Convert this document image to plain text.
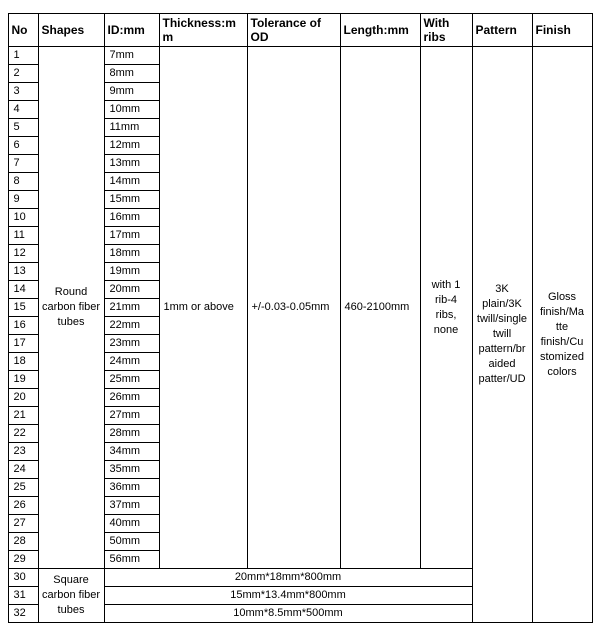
No	Shapes	ID:mm	Thickness:mm	Tolerance of OD	Length:mm	With ribs	Pattern	Finish
1	Round carbon fiber tubes	7mm	1mm or above	+/-0.03-0.05mm	460-2100mm	with 1 rib-4 ribs, none	3K plain/3K twill/single twill pattern/braided patter/UD	Gloss finish/Matte finish/Customized colors
2		8mm						
3		9mm						
4		10mm						
5		11mm						
6		12mm						
7		13mm						
8		14mm						
9		15mm						
10		16mm						
11		17mm						
12		18mm						
13		19mm						
14		20mm						
15		21mm						
16		22mm						
17		23mm						
18		24mm						
19		25mm						
20		26mm						
21		27mm						
22		28mm						
23		34mm						
24		35mm						
25		36mm						
26		37mm						
27		40mm						
28		50mm						
29		56mm						
30	Square carbon fiber tubes	20mm*18mm*800mm						
31		15mm*13.4mm*800mm						
32		10mm*8.5mm*500mm						
